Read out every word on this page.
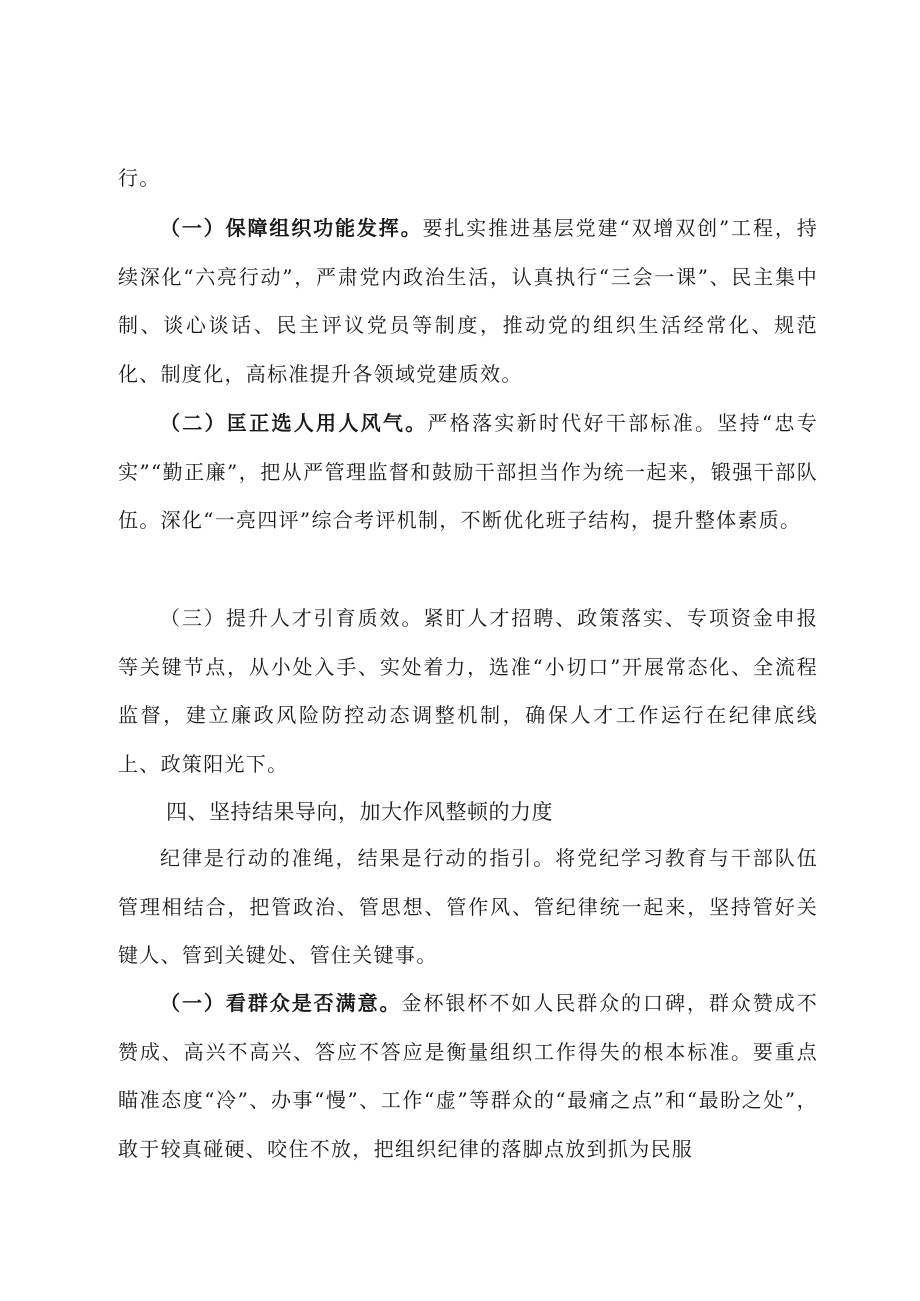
行。

（一）保障组织功能发挥。要扎实推进基层党建“双增双创”工程，持续深化“六亮行动”，严肃党内政治生活，认真执行“三会一课”、民主集中制、谈心谈话、民主评议党员等制度，推动党的组织生活经常化、规范化、制度化，高标准提升各领域党建质效。

（二）匡正选人用人风气。严格落实新时代好干部标准。坚持“忠专实”“勤正廉”，把从严管理监督和鼓励干部担当作为统一起来，锻强干部队伍。深化“一亮四评”综合考评机制，不断优化班子结构，提升整体素质。

（三）提升人才引育质效。紧盯人才招聘、政策落实、专项资金申报等关键节点，从小处入手、实处着力，选准“小切口”开展常态化、全流程监督，建立廉政风险防控动态调整机制，确保人才工作运行在纪律底线上、政策阳光下。

四、坚持结果导向，加大作风整顿的力度

纪律是行动的准绳，结果是行动的指引。将党纪学习教育与干部队伍管理相结合，把管政治、管思想、管作风、管纪律统一起来，坚持管好关键人、管到关键处、管住关键事。

（一）看群众是否满意。金杯银杯不如人民群众的口碑，群众赞成不赞成、高兴不高兴、答应不答应是衡量组织工作得失的根本标准。要重点瞄准态度“冷”、办事“慢”、工作“虚”等群众的“最痛之点”和“最盼之处”，敢于较真碰硬、咬住不放，把组织纪律的落脚点放到抓为民服
